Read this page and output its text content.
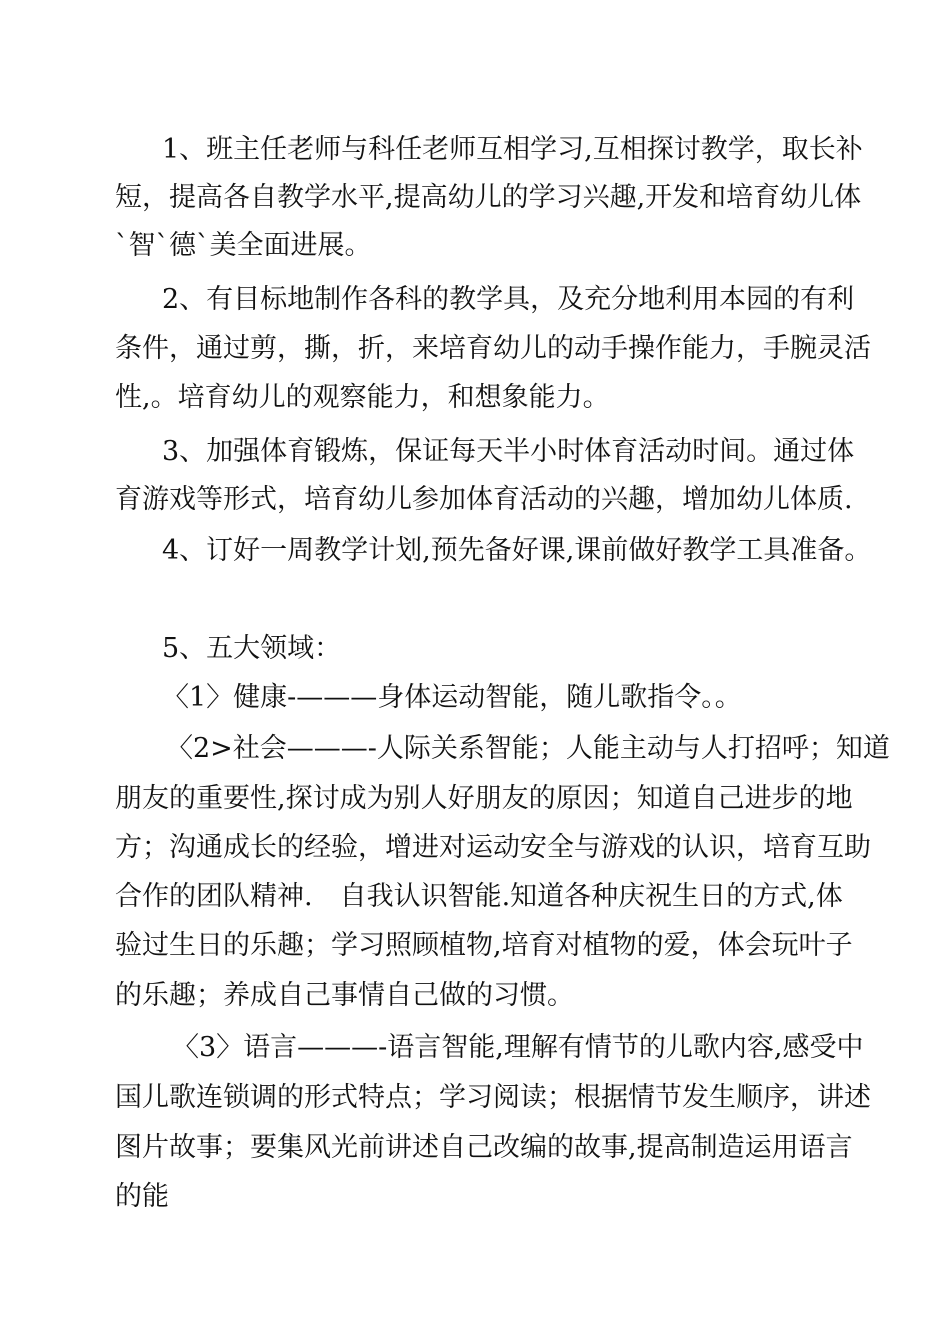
1、班主任老师与科任老师互相学习,互相探讨教学，取长补
短，提高各自教学水平,提高幼儿的学习兴趣,开发和培育幼儿体
`智`德`美全面进展。
2、有目标地制作各科的教学具，及充分地利用本园的有利
条件，通过剪，撕，折，来培育幼儿的动手操作能力，手腕灵活
性,。培育幼儿的观察能力，和想象能力。
3、加强体育锻炼，保证每天半小时体育活动时间。通过体
育游戏等形式，培育幼儿参加体育活动的兴趣，增加幼儿体质.
4、订好一周教学计划,预先备好课,课前做好教学工具准备。
5、五大领域：
〈1〉健康-———身体运动智能，随儿歌指令。。
〈2>社会———-人际关系智能；人能主动与人打招呼；知道
朋友的重要性,探讨成为别人好朋友的原因；知道自己进步的地
方；沟通成长的经验，增进对运动安全与游戏的认识，培育互助
合作的团队精神.　自我认识智能.知道各种庆祝生日的方式,体
验过生日的乐趣；学习照顾植物,培育对植物的爱，体会玩叶子
的乐趣；养成自己事情自己做的习惯。
〈3〉语言———-语言智能,理解有情节的儿歌内容,感受中
国儿歌连锁调的形式特点；学习阅读；根据情节发生顺序，讲述
图片故事；要集风光前讲述自己改编的故事,提高制造运用语言
的能
